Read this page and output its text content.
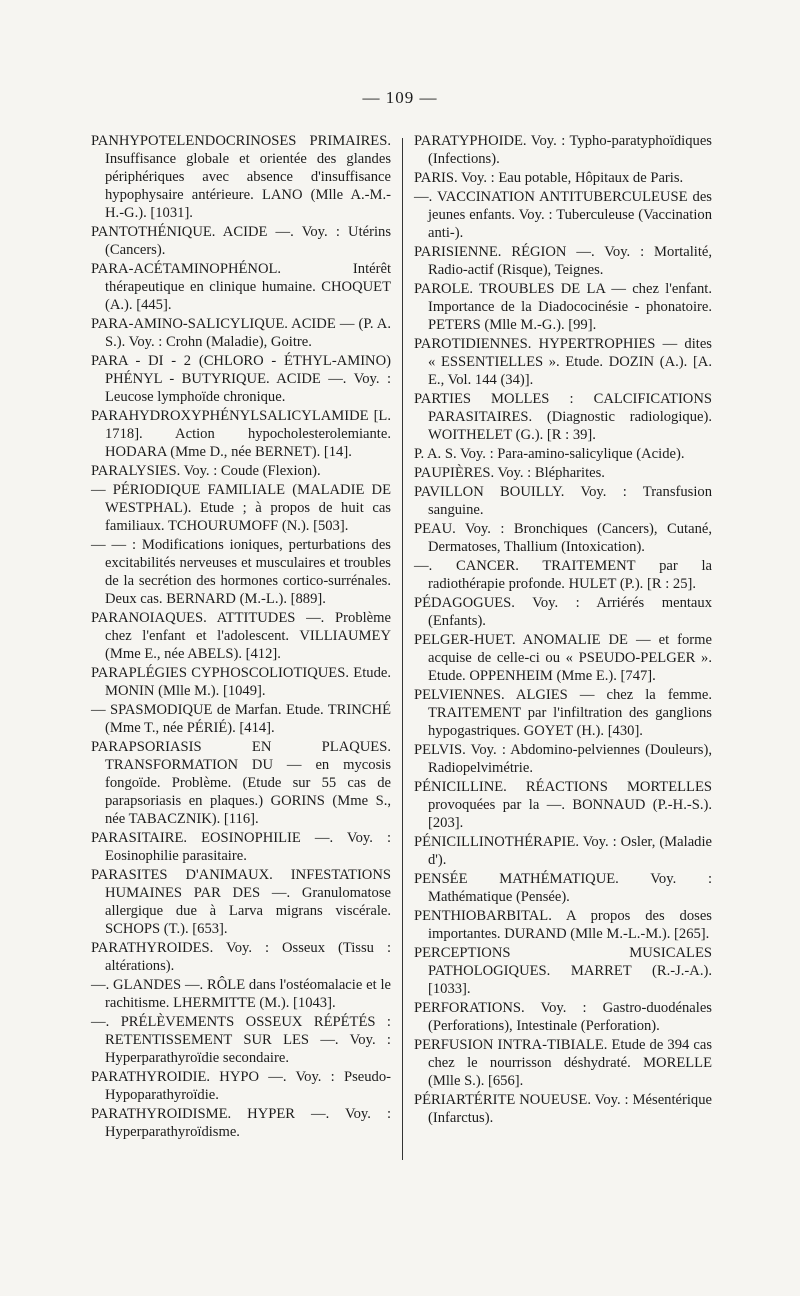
— 109 —

PANHYPOTELENDOCRINOSES PRIMAIRES. Insuffisance globale et orientée des glandes périphériques avec absence d'insuffisance hypophysaire antérieure. LANO (Mlle A.-M.-H.-G.). [1031].

PANTOTHÉNIQUE. ACIDE —. Voy. : Utérins (Cancers).

PARA-ACÉTAMINOPHÉNOL. Intérêt thérapeutique en clinique humaine. CHOQUET (A.). [445].

PARA-AMINO-SALICYLIQUE. ACIDE — (P. A. S.). Voy. : Crohn (Maladie), Goitre.

PARA - DI - 2 (CHLORO - ÉTHYL-AMINO) PHÉNYL - BUTYRIQUE. ACIDE —. Voy. : Leucose lymphoïde chronique.

PARAHYDROXYPHÉNYLSALICYLAMIDE [L. 1718]. Action hypocholesterolemiante. HODARA (Mme D., née BERNET). [14].

PARALYSIES. Voy. : Coude (Flexion).

— PÉRIODIQUE FAMILIALE (MALADIE DE WESTPHAL). Etude ; à propos de huit cas familiaux. TCHOURUMOFF (N.). [503].

— — : Modifications ioniques, perturbations des excitabilités nerveuses et musculaires et troubles de la secrétion des hormones cortico-surrénales. Deux cas. BERNARD (M.-L.). [889].

PARANOIAQUES. ATTITUDES —. Problème chez l'enfant et l'adolescent. VILLIAUMEY (Mme E., née ABELS). [412].

PARAPLÉGIES CYPHOSCOLIOTIQUES. Etude. MONIN (Mlle M.). [1049].

— SPASMODIQUE de Marfan. Etude. TRINCHÉ (Mme T., née PÉRIÉ). [414].

PARAPSORIASIS EN PLAQUES. TRANSFORMATION DU — en mycosis fongoïde. Problème. (Etude sur 55 cas de parapsoriasis en plaques.) GORINS (Mme S., née TABACZNIK). [116].

PARASITAIRE. EOSINOPHILIE —. Voy. : Eosinophilie parasitaire.

PARASITES D'ANIMAUX. INFESTATIONS HUMAINES PAR DES —. Granulomatose allergique due à Larva migrans viscérale. SCHOPS (T.). [653].

PARATHYROIDES. Voy. : Osseux (Tissu : altérations).

—. GLANDES —. RÔLE dans l'ostéomalacie et le rachitisme. LHERMITTE (M.). [1043].

—. PRÉLÈVEMENTS OSSEUX RÉPÉTÉS : RETENTISSEMENT SUR LES —. Voy. : Hyperparathyroïdie secondaire.

PARATHYROIDIE. HYPO —. Voy. : Pseudo-Hypoparathyroïdie.

PARATHYROIDISME. HYPER —. Voy. : Hyperparathyroïdisme.

PARATYPHOIDE. Voy. : Typho-paratyphoïdiques (Infections).

PARIS. Voy. : Eau potable, Hôpitaux de Paris.

—. VACCINATION ANTITUBERCULEUSE des jeunes enfants. Voy. : Tuberculeuse (Vaccination anti-).

PARISIENNE. RÉGION —. Voy. : Mortalité, Radio-actif (Risque), Teignes.

PAROLE. TROUBLES DE LA — chez l'enfant. Importance de la Diadococinésie - phonatoire. PETERS (Mlle M.-G.). [99].

PAROTIDIENNES. HYPERTROPHIES — dites « ESSENTIELLES ». Etude. DOZIN (A.). [A. E., Vol. 144 (34)].

PARTIES MOLLES : CALCIFICATIONS PARASITAIRES. (Diagnostic radiologique). WOITHELET (G.). [R : 39].

P. A. S. Voy. : Para-amino-salicylique (Acide).

PAUPIÈRES. Voy. : Blépharites.

PAVILLON BOUILLY. Voy. : Transfusion sanguine.

PEAU. Voy. : Bronchiques (Cancers), Cutané, Dermatoses, Thallium (Intoxication).

—. CANCER. TRAITEMENT par la radiothérapie profonde. HULET (P.). [R : 25].

PÉDAGOGUES. Voy. : Arriérés mentaux (Enfants).

PELGER-HUET. ANOMALIE DE — et forme acquise de celle-ci ou « PSEUDO-PELGER ». Etude. OPPENHEIM (Mme E.). [747].

PELVIENNES. ALGIES — chez la femme. TRAITEMENT par l'infiltration des ganglions hypogastriques. GOYET (H.). [430].

PELVIS. Voy. : Abdomino-pelviennes (Douleurs), Radiopelvimétrie.

PÉNICILLINE. RÉACTIONS MORTELLES provoquées par la —. BONNAUD (P.-H.-S.). [203].

PÉNICILLINOTHÉRAPIE. Voy. : Osler, (Maladie d').

PENSÉE MATHÉMATIQUE. Voy. : Mathématique (Pensée).

PENTHIOBARBITAL. A propos des doses importantes. DURAND (Mlle M.-L.-M.). [265].

PERCEPTIONS MUSICALES PATHOLOGIQUES. MARRET (R.-J.-A.). [1033].

PERFORATIONS. Voy. : Gastro-duodénales (Perforations), Intestinale (Perforation).

PERFUSION INTRA-TIBIALE. Etude de 394 cas chez le nourrisson déshydraté. MORELLE (Mlle S.). [656].

PÉRIARTÉRITE NOUEUSE. Voy. : Mésentérique (Infarctus).
